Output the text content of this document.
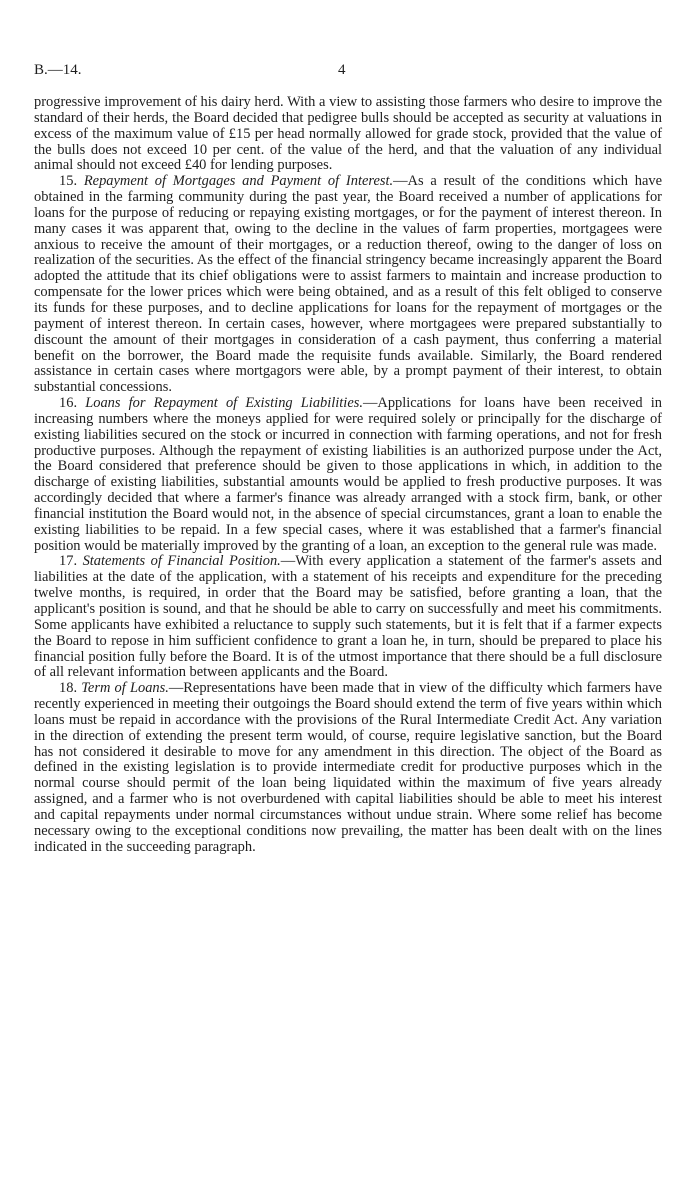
B.—14.	4

progressive improvement of his dairy herd. With a view to assisting those farmers who desire to improve the standard of their herds, the Board decided that pedigree bulls should be accepted as security at valuations in excess of the maximum value of £15 per head normally allowed for grade stock, provided that the value of the bulls does not exceed 10 per cent. of the value of the herd, and that the valuation of any individual animal should not exceed £40 for lending purposes.

15. Repayment of Mortgages and Payment of Interest.—As a result of the conditions which have obtained in the farming community during the past year, the Board received a number of applications for loans for the purpose of reducing or repaying existing mortgages, or for the payment of interest thereon. In many cases it was apparent that, owing to the decline in the values of farm properties, mortgagees were anxious to receive the amount of their mortgages, or a reduction thereof, owing to the danger of loss on realization of the securities. As the effect of the financial stringency became increasingly apparent the Board adopted the attitude that its chief obligations were to assist farmers to maintain and increase production to compensate for the lower prices which were being obtained, and as a result of this felt obliged to conserve its funds for these purposes, and to decline applications for loans for the repayment of mortgages or the payment of interest thereon. In certain cases, however, where mortgagees were prepared substantially to discount the amount of their mortgages in consideration of a cash payment, thus conferring a material benefit on the borrower, the Board made the requisite funds available. Similarly, the Board rendered assistance in certain cases where mortgagors were able, by a prompt payment of their interest, to obtain substantial concessions.

16. Loans for Repayment of Existing Liabilities.—Applications for loans have been received in increasing numbers where the moneys applied for were required solely or principally for the discharge of existing liabilities secured on the stock or incurred in connection with farming operations, and not for fresh productive purposes. Although the repayment of existing liabilities is an authorized purpose under the Act, the Board considered that preference should be given to those applications in which, in addition to the discharge of existing liabilities, substantial amounts would be applied to fresh productive purposes. It was accordingly decided that where a farmer's finance was already arranged with a stock firm, bank, or other financial institution the Board would not, in the absence of special circumstances, grant a loan to enable the existing liabilities to be repaid. In a few special cases, where it was established that a farmer's financial position would be materially improved by the granting of a loan, an exception to the general rule was made.

17. Statements of Financial Position.—With every application a statement of the farmer's assets and liabilities at the date of the application, with a statement of his receipts and expenditure for the preceding twelve months, is required, in order that the Board may be satisfied, before granting a loan, that the applicant's position is sound, and that he should be able to carry on successfully and meet his commitments. Some applicants have exhibited a reluctance to supply such statements, but it is felt that if a farmer expects the Board to repose in him sufficient confidence to grant a loan he, in turn, should be prepared to place his financial position fully before the Board. It is of the utmost importance that there should be a full disclosure of all relevant information between applicants and the Board.

18. Term of Loans.—Representations have been made that in view of the difficulty which farmers have recently experienced in meeting their outgoings the Board should extend the term of five years within which loans must be repaid in accordance with the provisions of the Rural Intermediate Credit Act. Any variation in the direction of extending the present term would, of course, require legislative sanction, but the Board has not considered it desirable to move for any amendment in this direction. The object of the Board as defined in the existing legislation is to provide intermediate credit for productive purposes which in the normal course should permit of the loan being liquidated within the maximum of five years already assigned, and a farmer who is not overburdened with capital liabilities should be able to meet his interest and capital repayments under normal circumstances without undue strain. Where some relief has become necessary owing to the exceptional conditions now prevailing, the matter has been dealt with on the lines indicated in the succeeding paragraph.
